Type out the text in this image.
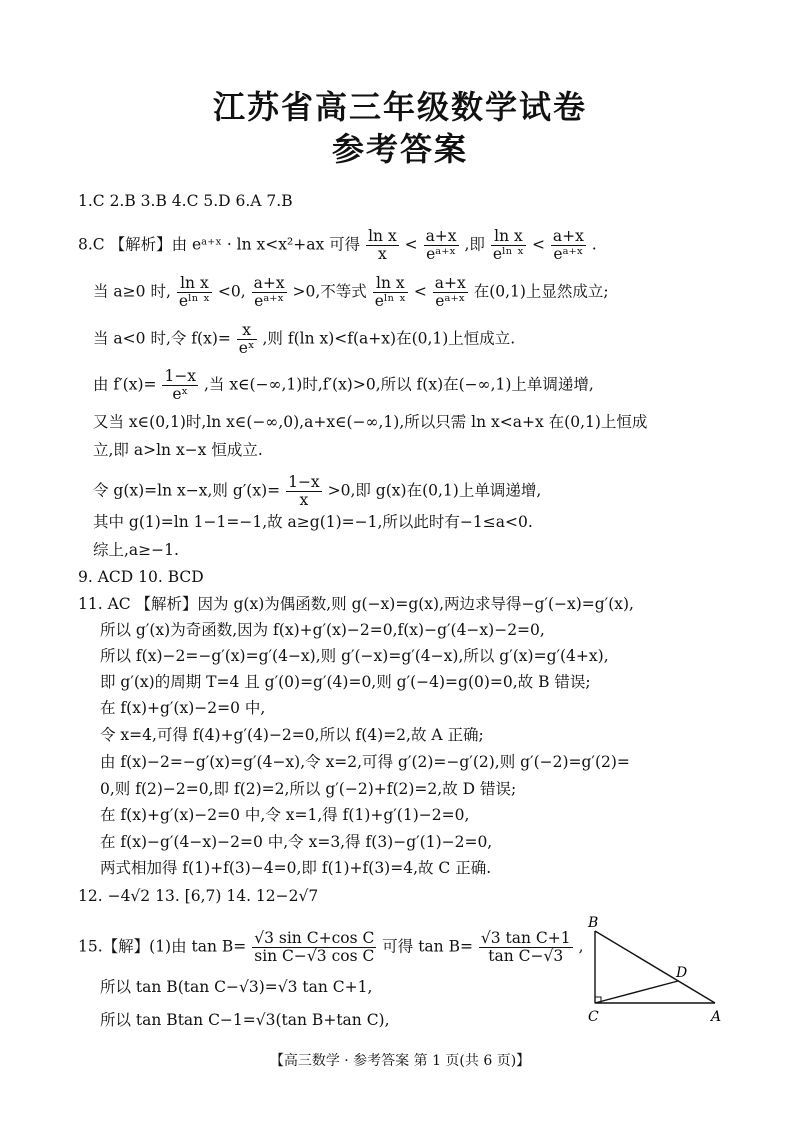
江苏省高三年级数学试卷
参考答案
1.C 2.B 3.B 4.C 5.D 6.A 7.B
8.C 【解析】由 eᵃ⁺ˣ · ln x<x²+ax 可得 $\frac{\text{ln x}}{x} < \frac{a+x}{\text{eᵃ⁺ˣ}}$ ,即 $\frac{\text{ln x}}{\text{eˡⁿ ˣ}} < \frac{a+x}{\text{eᵃ⁺ˣ}}$ .
当 a≥0 时, $\frac{\text{ln x}}{\text{eˡⁿ ˣ}} <0$, $\frac{a+x}{\text{eᵃ⁺ˣ}} >0$,不等式 $\frac{\text{ln x}}{\text{eˡⁿ ˣ}} < \frac{a+x}{\text{eᵃ⁺ˣ}}$ 在(0,1)上显然成立;
当 a<0 时,令 $f(x)= \frac{x}{\text{eˣ}}$ ,则 f(ln x)<f(a+x)在(0,1)上恒成立.
由 $f'(x)= \frac{1-x}{\text{eˣ}}$ ,当 x∈(−∞,1)时,f′(x)>0,所以 f(x)在(−∞,1)上单调递增,
又当 x∈(0,1)时,ln x∈(−∞,0),a+x∈(−∞,1),所以只需 ln x<a+x 在(0,1)上恒成
立,即 a>ln x−x 恒成立.
令 g(x)=ln x−x,则 $g'(x)= \frac{1-x}{x} >0$,即 g(x)在(0,1)上单调递增,
其中 g(1)=ln 1−1=−1,故 a≥g(1)=−1,所以此时有−1≤a<0.
综上,a≥−1.
9. ACD 10. BCD
11. AC 【解析】因为 g(x)为偶函数,则 g(−x)=g(x),两边求导得−g′(−x)=g′(x),
所以 g′(x)为奇函数,因为 f(x)+g′(x)−2=0,f(x)−g′(4−x)−2=0,
所以 f(x)−2=−g′(x)=g′(4−x),则 g′(−x)=g′(4−x),所以 g′(x)=g′(4+x),
即 g′(x)的周期 T=4 且 g′(0)=g′(4)=0,则 g′(−4)=g(0)=0,故 B 错误;
在 f(x)+g′(x)−2=0 中,
令 x=4,可得 f(4)+g′(4)−2=0,所以 f(4)=2,故 A 正确;
由 f(x)−2=−g′(x)=g′(4−x),令 x=2,可得 g′(2)=−g′(2),则 g′(−2)=g′(2)=
0,则 f(2)−2=0,即 f(2)=2,所以 g′(−2)+f(2)=2,故 D 错误;
在 f(x)+g′(x)−2=0 中,令 x=1,得 f(1)+g′(1)−2=0,
在 f(x)−g′(4−x)−2=0 中,令 x=3,得 f(3)−g′(1)−2=0,
两式相加得 f(1)+f(3)−4=0,即 f(1)+f(3)=4,故 C 正确.
12. −4√2 13. [6,7) 14. 12−2√7
15.【解】(1)由 $\tan B= \frac{\text{√3 sin C+cos C}}{\text{sin C−√3 cos C}}$ 可得 $\tan B= \frac{\text{√3 tan C+1}}{\text{tan C−√3}}$ ,
所以 tan B(tan C−√3)=√3 tan C+1,
所以 tan Btan C−1=√3(tan B+tan C),
B
C	A
D
【高三数学 · 参考答案 第 1 页(共 6 页)】
